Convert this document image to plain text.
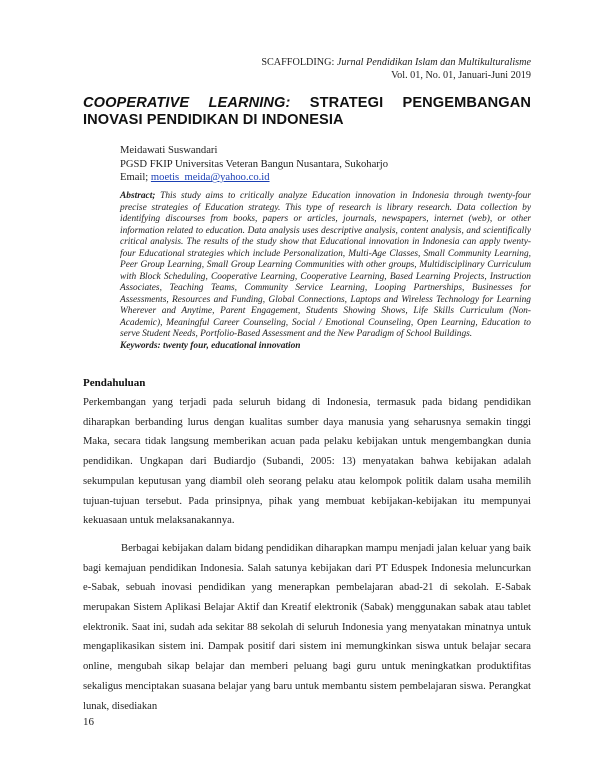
SCAFFOLDING: Jurnal Pendidikan Islam dan Multikulturalisme
Vol. 01, No. 01, Januari-Juni 2019
COOPERATIVE LEARNING: STRATEGI PENGEMBANGAN
INOVASI PENDIDIKAN DI INDONESIA
Meidawati Suswandari
PGSD FKIP Universitas Veteran Bangun Nusantara, Sukoharjo
Email; moetis_meida@yahoo.co.id
Abstract; This study aims to critically analyze Education innovation in Indonesia through twenty-four precise strategies of Education strategy. This type of research is library research. Data collection by identifying discourses from books, papers or articles, journals, newspapers, internet (web), or other information related to education. Data analysis uses descriptive analysis, content analysis, and scientifically critical analysis. The results of the study show that Educational innovation in Indonesia can apply twenty-four Educational strategies which include Personalization, Multi-Age Classes, Small Community Learning, Peer Group Learning, Small Group Learning Communities with other groups, Multidisciplinary Curriculum with Block Scheduling, Cooperative Learning, Cooperative Learning, Based Learning Projects, Instruction Associates, Teaching Teams, Community Service Learning, Looping Partnerships, Businesses for Assessments, Resources and Funding, Global Connections, Laptops and Wireless Technology for Learning Wherever and Anytime, Parent Engagement, Students Showing Shows, Life Skills Curriculum (Non- Academic), Meaningful Career Counseling, Social / Emotional Counseling, Open Learning, Education to serve Student Needs, Portfolio-Based Assessment and the New Paradigm of School Buildings.
Keywords: twenty four, educational innovation
Pendahuluan

Perkembangan yang terjadi pada seluruh bidang di Indonesia, termasuk pada bidang pendidikan diharapkan berbanding lurus dengan kualitas sumber daya manusia yang seharusnya semakin tinggi Maka, secara tidak langsung memberikan acuan pada pelaku kebijakan untuk mengembangkan dunia pendidikan. Ungkapan dari Budiardjo (Subandi, 2005: 13) menyatakan bahwa kebijakan adalah sekumpulan keputusan yang diambil oleh seorang pelaku atau kelompok politik dalam usaha memilih tujuan-tujuan tersebut. Pada prinsipnya, pihak yang membuat kebijakan-kebijakan itu mempunyai kekuasaan untuk melaksanakannya.

Berbagai kebijakan dalam bidang pendidikan diharapkan mampu menjadi jalan keluar yang baik bagi kemajuan pendidikan Indonesia. Salah satunya kebijakan dari PT Eduspek Indonesia meluncurkan e-Sabak, sebuah inovasi pendidikan yang menerapkan pembelajaran abad-21 di sekolah. E-Sabak merupakan Sistem Aplikasi Belajar Aktif dan Kreatif elektronik (Sabak) menggunakan sabak atau tablet elektronik. Saat ini, sudah ada sekitar 88 sekolah di seluruh Indonesia yang menyatakan minatnya untuk mengaplikasikan sistem ini. Dampak positif dari sistem ini memungkinkan siswa untuk belajar secara online, mengubah sikap belajar dan memberi peluang bagi guru untuk meningkatkan produktifitas sekaligus menciptakan suasana belajar yang baru untuk membantu sistem pembelajaran siswa. Perangkat lunak, disediakan

16
